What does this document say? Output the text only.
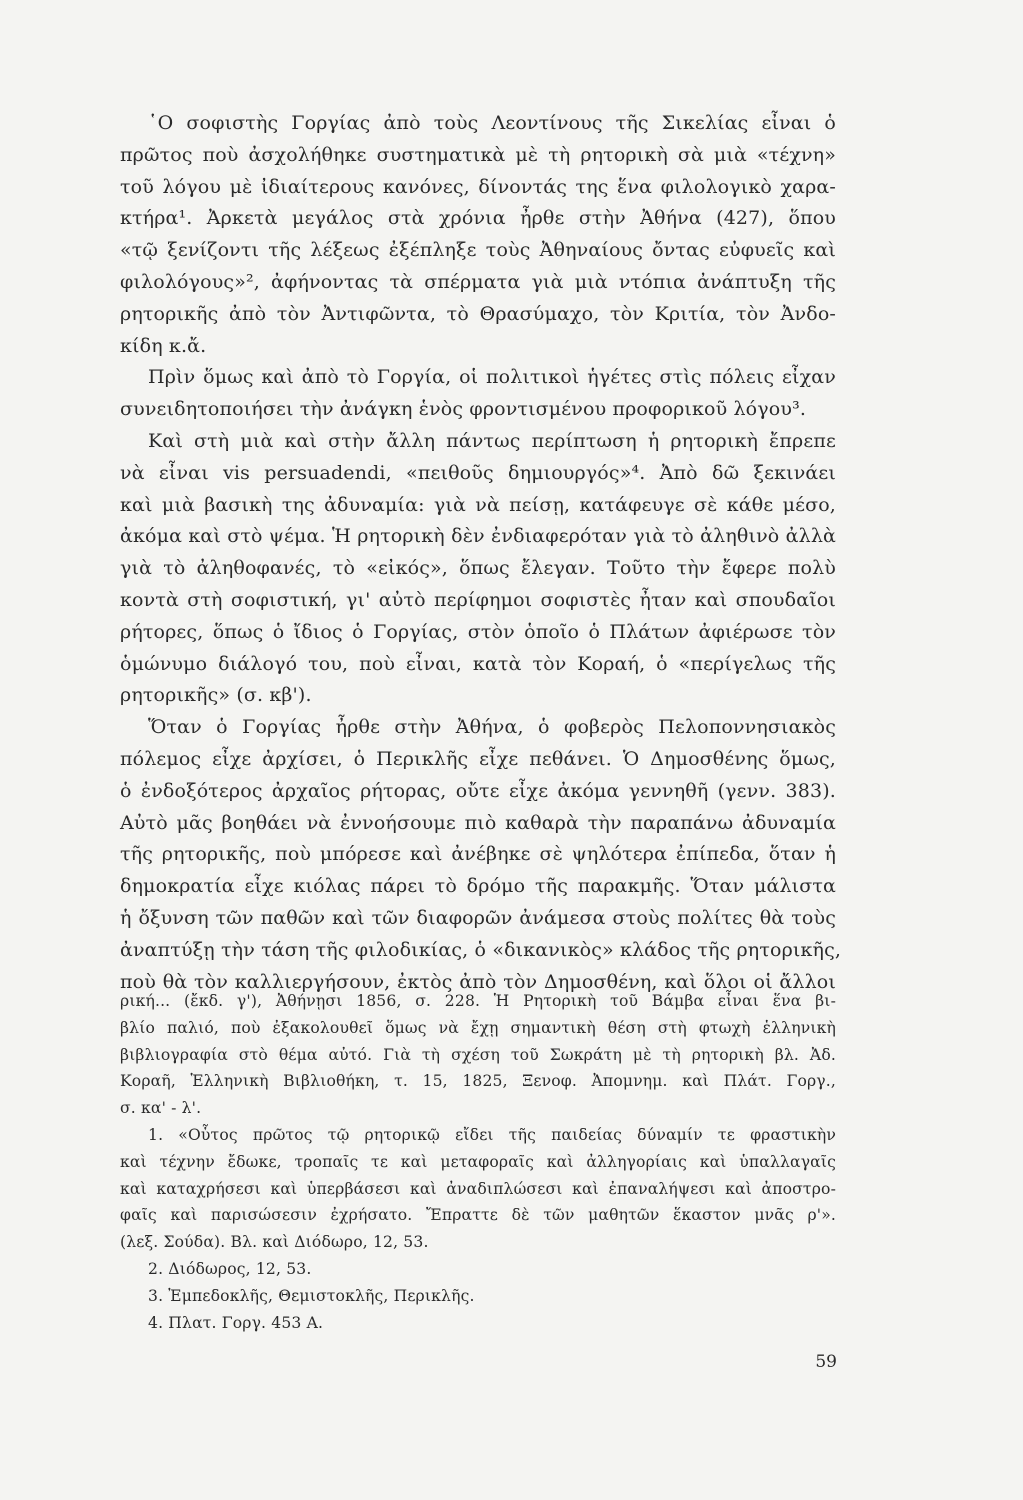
῾Ο σοφιστὴς Γοργίας ἀπὸ τοὺς Λεοντίνους τῆς Σικελίας εἶναι ὁ
πρῶτος ποὺ ἀσχολήθηκε συστηματικὰ μὲ τὴ ρητορικὴ σὰ μιὰ «τέχνη»
τοῦ λόγου μὲ ἰδιαίτερους κανόνες, δίνοντάς της ἕνα φιλολογικὸ χαρα-
κτήρα¹. Ἀρκετὰ μεγάλος στὰ χρόνια ἦρθε στὴν Ἀθήνα (427), ὅπου
«τῷ ξενίζοντι τῆς λέξεως ἐξέπληξε τοὺς Ἀθηναίους ὄντας εὐφυεῖς καὶ
φιλολόγους»², ἀφήνοντας τὰ σπέρματα γιὰ μιὰ ντόπια ἀνάπτυξη τῆς
ρητορικῆς ἀπὸ τὸν Ἀντιφῶντα, τὸ Θρασύμαχο, τὸν Κριτία, τὸν Ἀνδο-
κίδη κ.ἄ.
Πρὶν ὅμως καὶ ἀπὸ τὸ Γοργία, οἱ πολιτικοὶ ἡγέτες στὶς πόλεις εἶχαν
συνειδητοποιήσει τὴν ἀνάγκη ἑνὸς φροντισμένου προφορικοῦ λόγου³.
Καὶ στὴ μιὰ καὶ στὴν ἄλλη πάντως περίπτωση ἡ ρητορικὴ ἔπρεπε
νὰ εἶναι vis persuadendi, «πειθοῦς δημιουργός»⁴. Ἀπὸ δῶ ξεκινάει
καὶ μιὰ βασικὴ της ἀδυναμία: γιὰ νὰ πείσῃ, κατάφευγε σὲ κάθε μέσο,
ἀκόμα καὶ στὸ ψέμα. Ἡ ρητορικὴ δὲν ἐνδιαφερόταν γιὰ τὸ ἀληθινὸ ἀλλὰ
γιὰ τὸ ἀληθοφανές, τὸ «εἰκός», ὅπως ἔλεγαν. Τοῦτο τὴν ἔφερε πολὺ
κοντὰ στὴ σοφιστική, γι' αὐτὸ περίφημοι σοφιστὲς ἦταν καὶ σπουδαῖοι
ρήτορες, ὅπως ὁ ἴδιος ὁ Γοργίας, στὸν ὁποῖο ὁ Πλάτων ἀφιέρωσε τὸν
ὁμώνυμο διάλογό του, ποὺ εἶναι, κατὰ τὸν Κοραή, ὁ «περίγελως τῆς
ρητορικῆς» (σ. κβ').
Ὅταν ὁ Γοργίας ἦρθε στὴν Ἀθήνα, ὁ φοβερὸς Πελοποννησιακὸς
πόλεμος εἶχε ἀρχίσει, ὁ Περικλῆς εἶχε πεθάνει. Ὁ Δημοσθένης ὅμως,
ὁ ἐνδοξότερος ἀρχαῖος ρήτορας, οὔτε εἶχε ἀκόμα γεννηθῆ (γενν. 383).
Αὐτὸ μᾶς βοηθάει νὰ ἐννοήσουμε πιὸ καθαρὰ τὴν παραπάνω ἀδυναμία
τῆς ρητορικῆς, ποὺ μπόρεσε καὶ ἀνέβηκε σὲ ψηλότερα ἐπίπεδα, ὅταν ἡ
δημοκρατία εἶχε κιόλας πάρει τὸ δρόμο τῆς παρακμῆς. Ὅταν μάλιστα
ἡ ὄξυνση τῶν παθῶν καὶ τῶν διαφορῶν ἀνάμεσα στοὺς πολίτες θὰ τοὺς
ἀναπτύξῃ τὴν τάση τῆς φιλοδικίας, ὁ «δικανικὸς» κλάδος τῆς ρητορικῆς,
ποὺ θὰ τὸν καλλιεργήσουν, ἐκτὸς ἀπὸ τὸν Δημοσθένη, καὶ ὅλοι οἱ ἄλλοι
ρική... (ἔκδ. γ'), Ἀθήνῃσι 1856, σ. 228. Ἡ Ρητορικὴ τοῦ Βάμβα εἶναι ἕνα βι-
βλίο παλιό, ποὺ ἐξακολουθεῖ ὅμως νὰ ἔχῃ σημαντικὴ θέση στὴ φτωχὴ ἑλληνικὴ
βιβλιογραφία στὸ θέμα αὐτό. Γιὰ τὴ σχέση τοῦ Σωκράτη μὲ τὴ ρητορικὴ βλ. Ἀδ.
Κοραῆ, Ἑλληνικὴ Βιβλιοθήκη, τ. 15, 1825, Ξενοφ. Ἀπομνημ. καὶ Πλάτ. Γοργ.,
σ. κα' - λ'.
1. «Οὗτος πρῶτος τῷ ρητορικῷ εἴδει τῆς παιδείας δύναμίν τε φραστικὴν
καὶ τέχνην ἔδωκε, τροπαῖς τε καὶ μεταφοραῖς καὶ ἀλληγορίαις καὶ ὑπαλλαγαῖς
καὶ καταχρήσεσι καὶ ὑπερβάσεσι καὶ ἀναδιπλώσεσι καὶ ἐπαναλήψεσι καὶ ἀποστρο-
φαῖς καὶ παρισώσεσιν ἐχρήσατο. Ἔπραττε δὲ τῶν μαθητῶν ἕκαστον μνᾶς ρ'».
(λεξ. Σούδα). Βλ. καὶ Διόδωρο, 12, 53.
2. Διόδωρος, 12, 53.
3. Ἐμπεδοκλῆς, Θεμιστοκλῆς, Περικλῆς.
4. Πλατ. Γοργ. 453 Α.
59
